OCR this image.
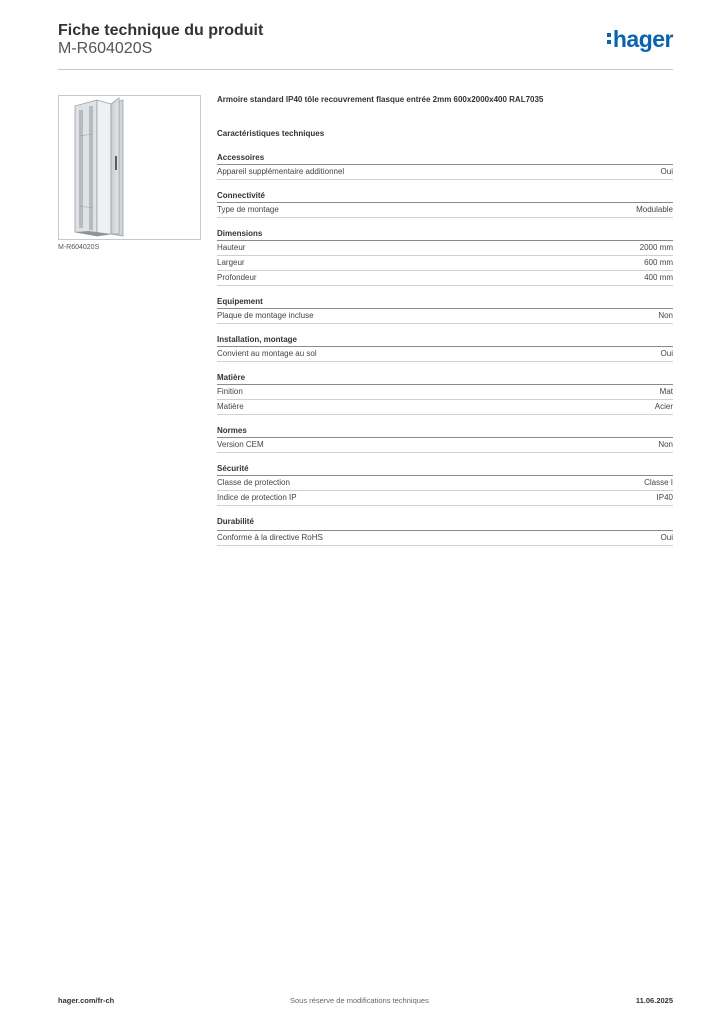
Fiche technique du produit
M-R604020S	hager
M-R604020S
Armoire standard IP40 tôle recouvrement flasque entrée 2mm 600x2000x400 RAL7035
Caractéristiques techniques
Accessoires
Appareil supplémentaire additionnel	Oui
Connectivité
Type de montage	Modulable
Dimensions
Hauteur	2000 mm
Largeur	600 mm
Profondeur	400 mm
Equipement
Plaque de montage incluse	Non
Installation, montage
Convient au montage au sol	Oui
Matière
Finition	Mat
Matière	Acier
Normes
Version CEM	Non
Sécurité
Classe de protection	Classe I
Indice de protection IP	IP40
Durabilité
Conforme à la directive RoHS	Oui
hager.com/fr-ch	Sous réserve de modifications techniques	11.06.2025
